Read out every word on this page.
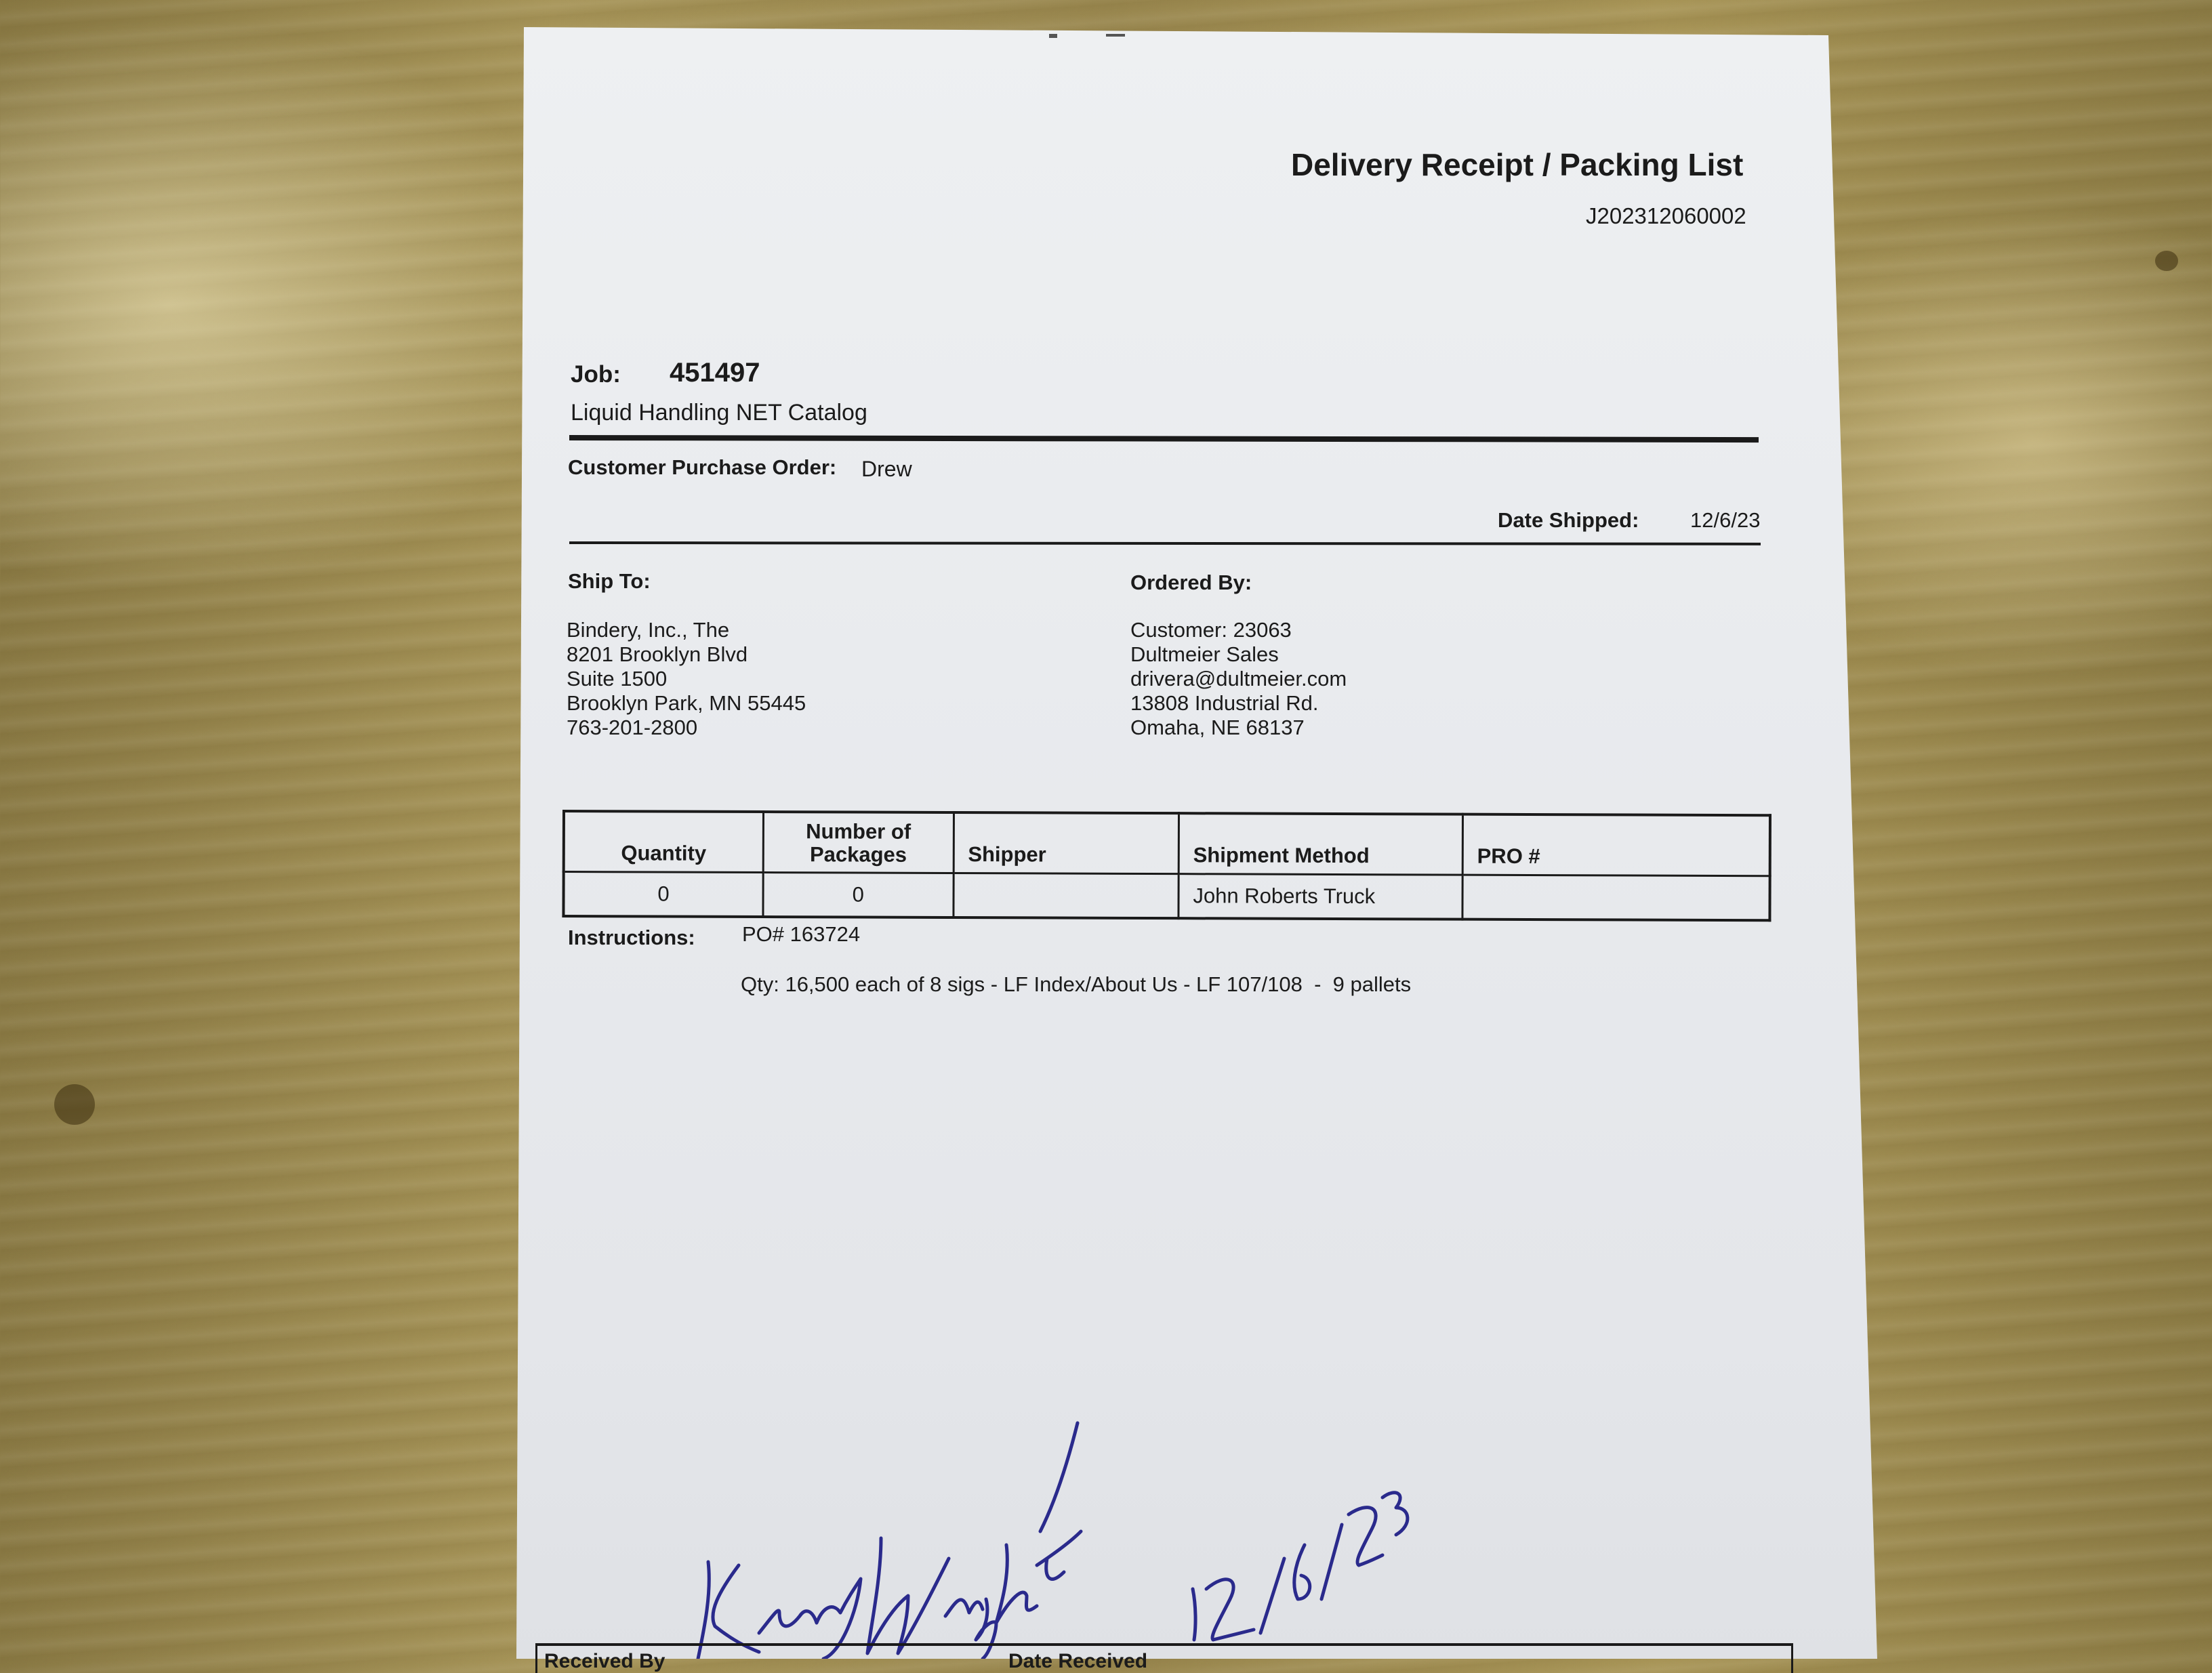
Delivery Receipt / Packing List
J202312060002
Job: 451497
Liquid Handling NET Catalog
Customer Purchase Order: Drew
Date Shipped: 12/6/23
Ship To:
Bindery, Inc., The
8201 Brooklyn Blvd
Suite 1500
Brooklyn Park, MN 55445
763-201-2800
Ordered By:
Customer: 23063
Dultmeier Sales
drivera@dultmeier.com
13808 Industrial Rd.
Omaha, NE 68137
Quantity	Number of Packages	Shipper	Shipment Method	PRO #
0	0		John Roberts Truck	
Instructions: PO# 163724
Qty: 16,500 each of 8 sigs - LF Index/About Us - LF 107/108  -  9 pallets
Received By	Date Received
